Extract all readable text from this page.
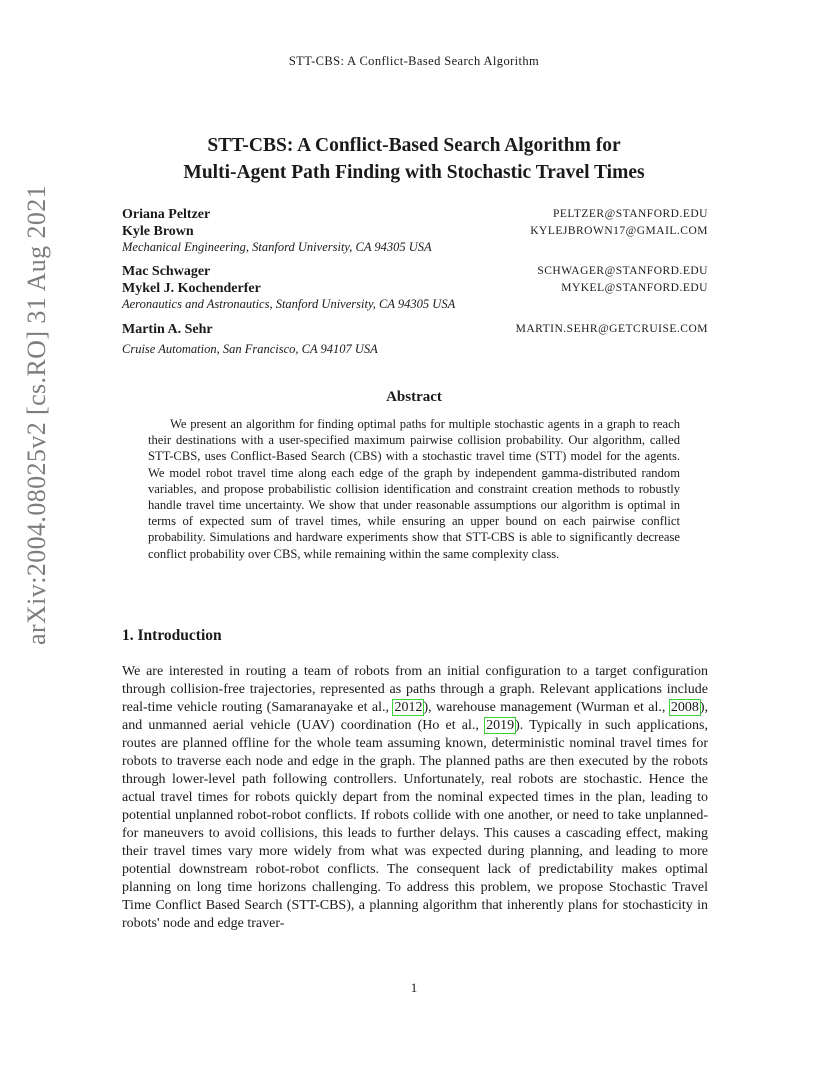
STT-CBS: A Conflict-Based Search Algorithm
arXiv:2004.08025v2 [cs.RO] 31 Aug 2021
STT-CBS: A Conflict-Based Search Algorithm for
Multi-Agent Path Finding with Stochastic Travel Times
Oriana Peltzer	PELTZER@STANFORD.EDU
Kyle Brown	KYLEJBROWN17@GMAIL.COM
Mechanical Engineering, Stanford University, CA 94305 USA
Mac Schwager	SCHWAGER@STANFORD.EDU
Mykel J. Kochenderfer	MYKEL@STANFORD.EDU
Aeronautics and Astronautics, Stanford University, CA 94305 USA
Martin A. Sehr	MARTIN.SEHR@GETCRUISE.COM
Cruise Automation, San Francisco, CA 94107 USA
Abstract

We present an algorithm for finding optimal paths for multiple stochastic agents in a graph to reach their destinations with a user-specified maximum pairwise collision probability. Our algorithm, called STT-CBS, uses Conflict-Based Search (CBS) with a stochastic travel time (STT) model for the agents. We model robot travel time along each edge of the graph by independent gamma-distributed random variables, and propose probabilistic collision identification and constraint creation methods to robustly handle travel time uncertainty. We show that under reasonable assumptions our algorithm is optimal in terms of expected sum of travel times, while ensuring an upper bound on each pairwise conflict probability. Simulations and hardware experiments show that STT-CBS is able to significantly decrease conflict probability over CBS, while remaining within the same complexity class.

1. Introduction

We are interested in routing a team of robots from an initial configuration to a target configuration through collision-free trajectories, represented as paths through a graph. Relevant applications include real-time vehicle routing (Samaranayake et al., 2012), warehouse management (Wurman et al., 2008), and unmanned aerial vehicle (UAV) coordination (Ho et al., 2019). Typically in such applications, routes are planned offline for the whole team assuming known, deterministic nominal travel times for robots to traverse each node and edge in the graph. The planned paths are then executed by the robots through lower-level path following controllers. Unfortunately, real robots are stochastic. Hence the actual travel times for robots quickly depart from the nominal expected times in the plan, leading to potential unplanned robot-robot conflicts. If robots collide with one another, or need to take unplanned-for maneuvers to avoid collisions, this leads to further delays. This causes a cascading effect, making their travel times vary more widely from what was expected during planning, and leading to more potential downstream robot-robot conflicts. The consequent lack of predictability makes optimal planning on long time horizons challenging. To address this problem, we propose Stochastic Travel Time Conflict Based Search (STT-CBS), a planning algorithm that inherently plans for stochasticity in robots' node and edge traver-

1
